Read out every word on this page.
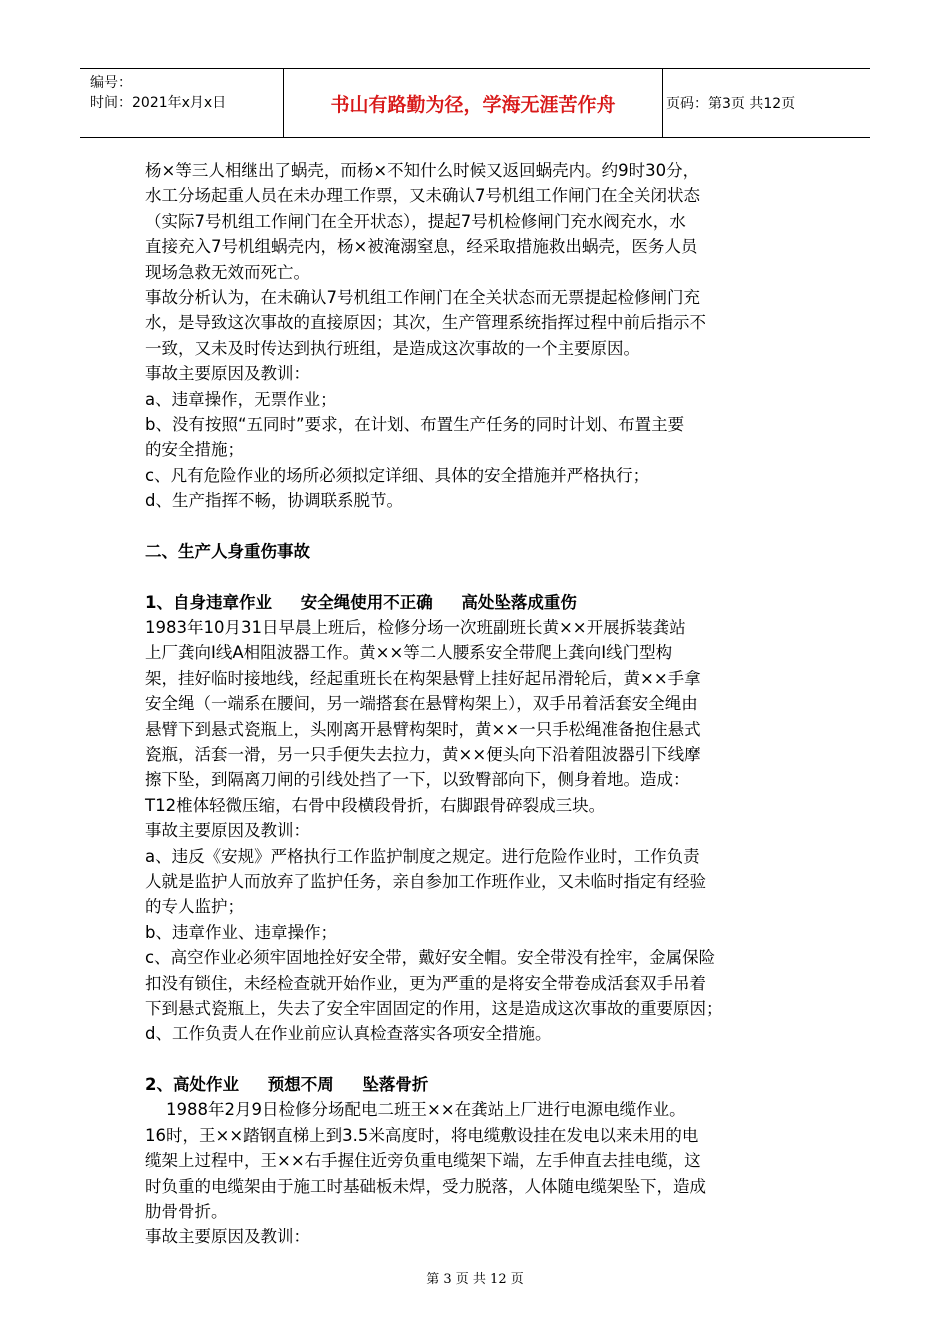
编号：
时间：2021年x月x日	书山有路勤为径，学海无涯苦作舟	页码：第3页 共12页
杨×等三人相继出了蜗壳，而杨×不知什么时候又返回蜗壳内。约9时30分，
水工分场起重人员在未办理工作票，又未确认7号机组工作闸门在全关闭状态
（实际7号机组工作闸门在全开状态），提起7号机检修闸门充水阀充水，水
直接充入7号机组蜗壳内，杨×被淹溺窒息，经采取措施救出蜗壳，医务人员
现场急救无效而死亡。
事故分析认为，在未确认7号机组工作闸门在全关状态而无票提起检修闸门充
水，是导致这次事故的直接原因；其次，生产管理系统指挥过程中前后指示不
一致，又未及时传达到执行班组，是造成这次事故的一个主要原因。
事故主要原因及教训：
a、违章操作，无票作业；
b、没有按照“五同时”要求，在计划、布置生产任务的同时计划、布置主要
的安全措施；
c、凡有危险作业的场所必须拟定详细、具体的安全措施并严格执行；
d、生产指挥不畅，协调联系脱节。
二、生产人身重伤事故
1、自身违章作业     安全绳使用不正确     高处坠落成重伤
1983年10月31日早晨上班后，检修分场一次班副班长黄××开展拆装龚站
上厂龚向Ⅰ线A相阻波器工作。黄××等二人腰系安全带爬上龚向Ⅰ线门型构
架，挂好临时接地线，经起重班长在构架悬臂上挂好起吊滑轮后，黄××手拿
安全绳（一端系在腰间，另一端搭套在悬臂构架上），双手吊着活套安全绳由
悬臂下到悬式瓷瓶上，头刚离开悬臂构架时，黄××一只手松绳准备抱住悬式
瓷瓶，活套一滑，另一只手便失去拉力，黄××便头向下沿着阻波器引下线摩
擦下坠，到隔离刀闸的引线处挡了一下，以致臀部向下，侧身着地。造成：
T12椎体轻微压缩，右骨中段横段骨折，右脚跟骨碎裂成三块。
事故主要原因及教训：
a、违反《安规》严格执行工作监护制度之规定。进行危险作业时，工作负责
人就是监护人而放弃了监护任务，亲自参加工作班作业，又未临时指定有经验
的专人监护；
b、违章作业、违章操作；
c、高空作业必须牢固地拴好安全带，戴好安全帽。安全带没有拴牢，金属保险
扣没有锁住，未经检查就开始作业，更为严重的是将安全带卷成活套双手吊着
下到悬式瓷瓶上，失去了安全牢固固定的作用，这是造成这次事故的重要原因；
d、工作负责人在作业前应认真检查落实各项安全措施。
2、高处作业     预想不周     坠落骨折
1988年2月9日检修分场配电二班王××在龚站上厂进行电源电缆作业。
16时，王××踏钢直梯上到3.5米高度时，将电缆敷设挂在发电以来未用的电
缆架上过程中，王××右手握住近旁负重电缆架下端，左手伸直去挂电缆，这
时负重的电缆架由于施工时基础板未焊，受力脱落，人体随电缆架坠下，造成
肋骨骨折。
事故主要原因及教训：
第 3 页 共 12 页
